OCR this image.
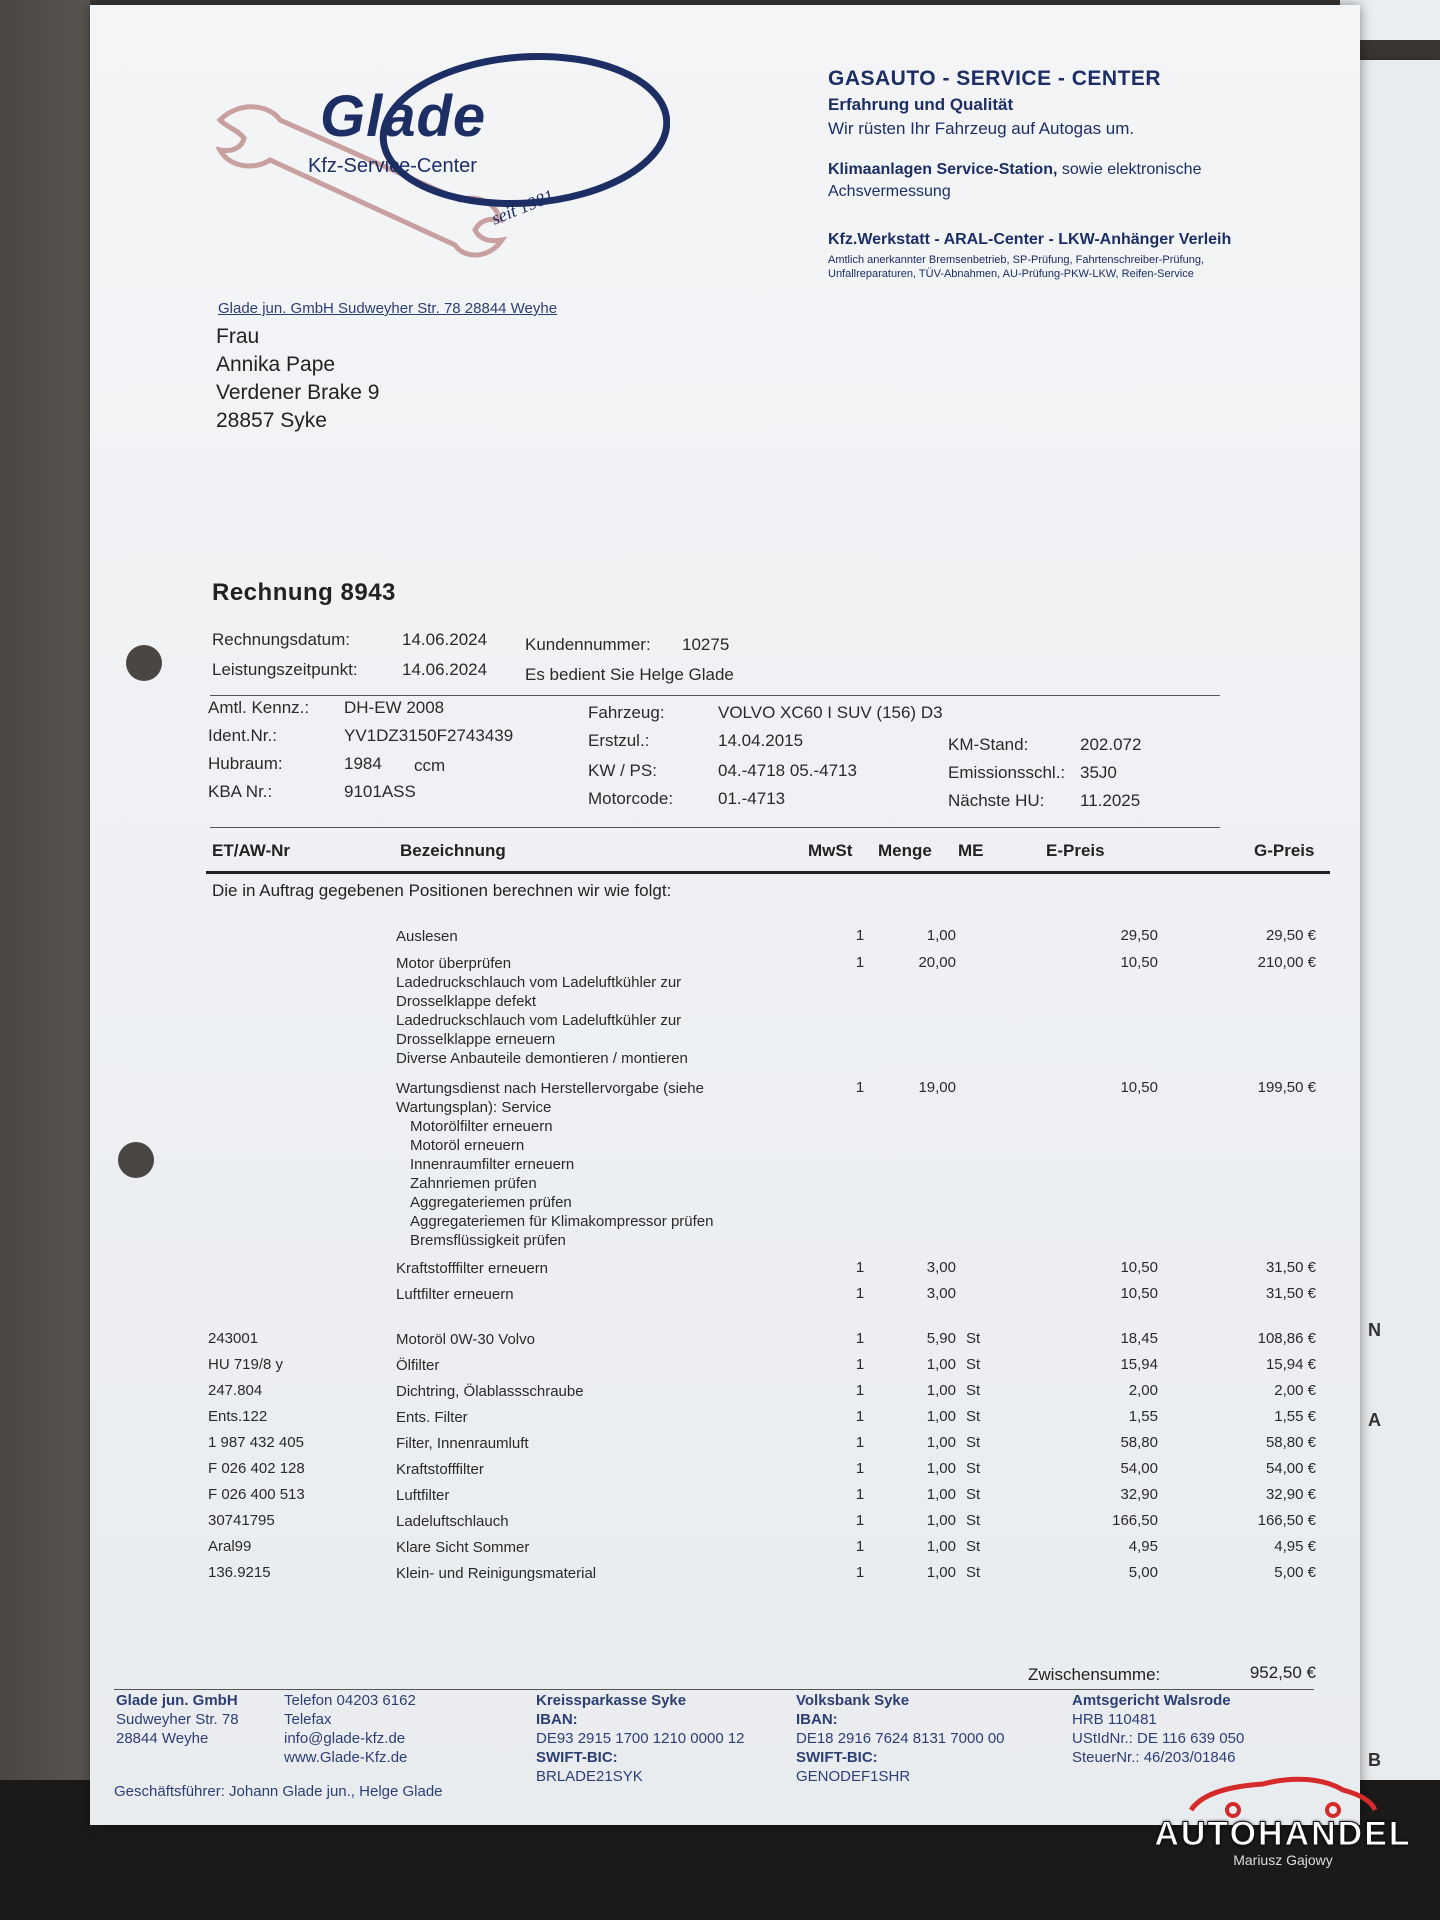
N
A
B
Glade
Kfz-Service-Center
seit 1981
Glade jun. GmbH Sudweyher Str. 78 28844 Weyhe
Frau
Annika Pape
Verdener Brake 9
28857 Syke
GASAUTO - SERVICE - CENTER
Erfahrung und Qualität
Wir rüsten Ihr Fahrzeug auf Autogas um.
Klimaanlagen Service-Station, sowie elektronische
Achsvermessung
Kfz.Werkstatt - ARAL-Center - LKW-Anhänger Verleih
Amtlich anerkannter Bremsenbetrieb, SP-Prüfung, Fahrtenschreiber-Prüfung,
Unfallreparaturen, TÜV-Abnahmen, AU-Prüfung-PKW-LKW, Reifen-Service
Rechnung 8943
Rechnungsdatum:	14.06.2024
Leistungszeitpunkt:	14.06.2024
Kundennummer: 10275
Es bedient Sie Helge Glade
Amtl. Kennz.: DH-EW 2008
Ident.Nr.:	YV1DZ3150F2743439
Hubraum:	1984 ccm
KBA Nr.:	9101ASS
Fahrzeug:	VOLVO XC60 I SUV (156) D3
Erstzul.:	14.04.2015
KW / PS:	04.-4718 05.-4713
Motorcode:	01.-4713
KM-Stand:	202.072
Emissionsschl.: 35J0
Nächste HU: 11.2025
ET/AW-Nr	Bezeichnung	MwSt Menge ME	E-Preis	G-Preis
Die in Auftrag gegebenen Positionen berechnen wir wie folgt:
Auslesen	1	1,00	29,50	29,50 €
Motor überprüfen
Ladedruckschlauch vom Ladeluftkühler zur
Drosselklappe defekt
Ladedruckschlauch vom Ladeluftkühler zur
Drosselklappe erneuern
Diverse Anbauteile demontieren / montieren
1	20,00	10,50	210,00 €
Wartungsdienst nach Herstellervorgabe (siehe
Wartungsplan): Service
Motorölfilter erneuern
Motoröl erneuern
Innenraumfilter erneuern
Zahnriemen prüfen
Aggregateriemen prüfen
Aggregateriemen für Klimakompressor prüfen
Bremsflüssigkeit prüfen
1	19,00	10,50	199,50 €
Kraftstofffilter erneuern	1	3,00	10,50	31,50 €
Luftfilter erneuern	1	3,00	10,50	31,50 €
243001	Motoröl 0W-30 Volvo	1	5,90 St	18,45	108,86 €
HU 719/8 y	Ölfilter	1	1,00 St	15,94	15,94 €
247.804	Dichtring, Ölablassschraube	1	1,00 St	2,00	2,00 €
Ents.122	Ents. Filter	1	1,00 St	1,55	1,55 €
1 987 432 405	Filter, Innenraumluft	1	1,00 St	58,80	58,80 €
F 026 402 128	Kraftstofffilter	1	1,00 St	54,00	54,00 €
F 026 400 513	Luftfilter	1	1,00 St	32,90	32,90 €
30741795	Ladeluftschlauch	1	1,00 St	166,50	166,50 €
Aral99	Klare Sicht Sommer	1	1,00 St	4,95	4,95 €
136.9215	Klein- und Reinigungsmaterial	1	1,00 St	5,00	5,00 €
Zwischensumme:	952,50 €
Glade jun. GmbH
Sudweyher Str. 78
28844 Weyhe
Telefon 04203 6162
Telefax
info@glade-kfz.de
www.Glade-Kfz.de
Kreissparkasse Syke
IBAN:
DE93 2915 1700 1210 0000 12
SWIFT-BIC:
BRLADE21SYK
Volksbank Syke
IBAN:
DE18 2916 7624 8131 7000 00
SWIFT-BIC:
GENODEF1SHR
Amtsgericht Walsrode
HRB 110481
UStIdNr.: DE 116 639 050
SteuerNr.: 46/203/01846
Geschäftsführer: Johann Glade jun., Helge Glade
AUTOHANDEL
Mariusz Gajowy
